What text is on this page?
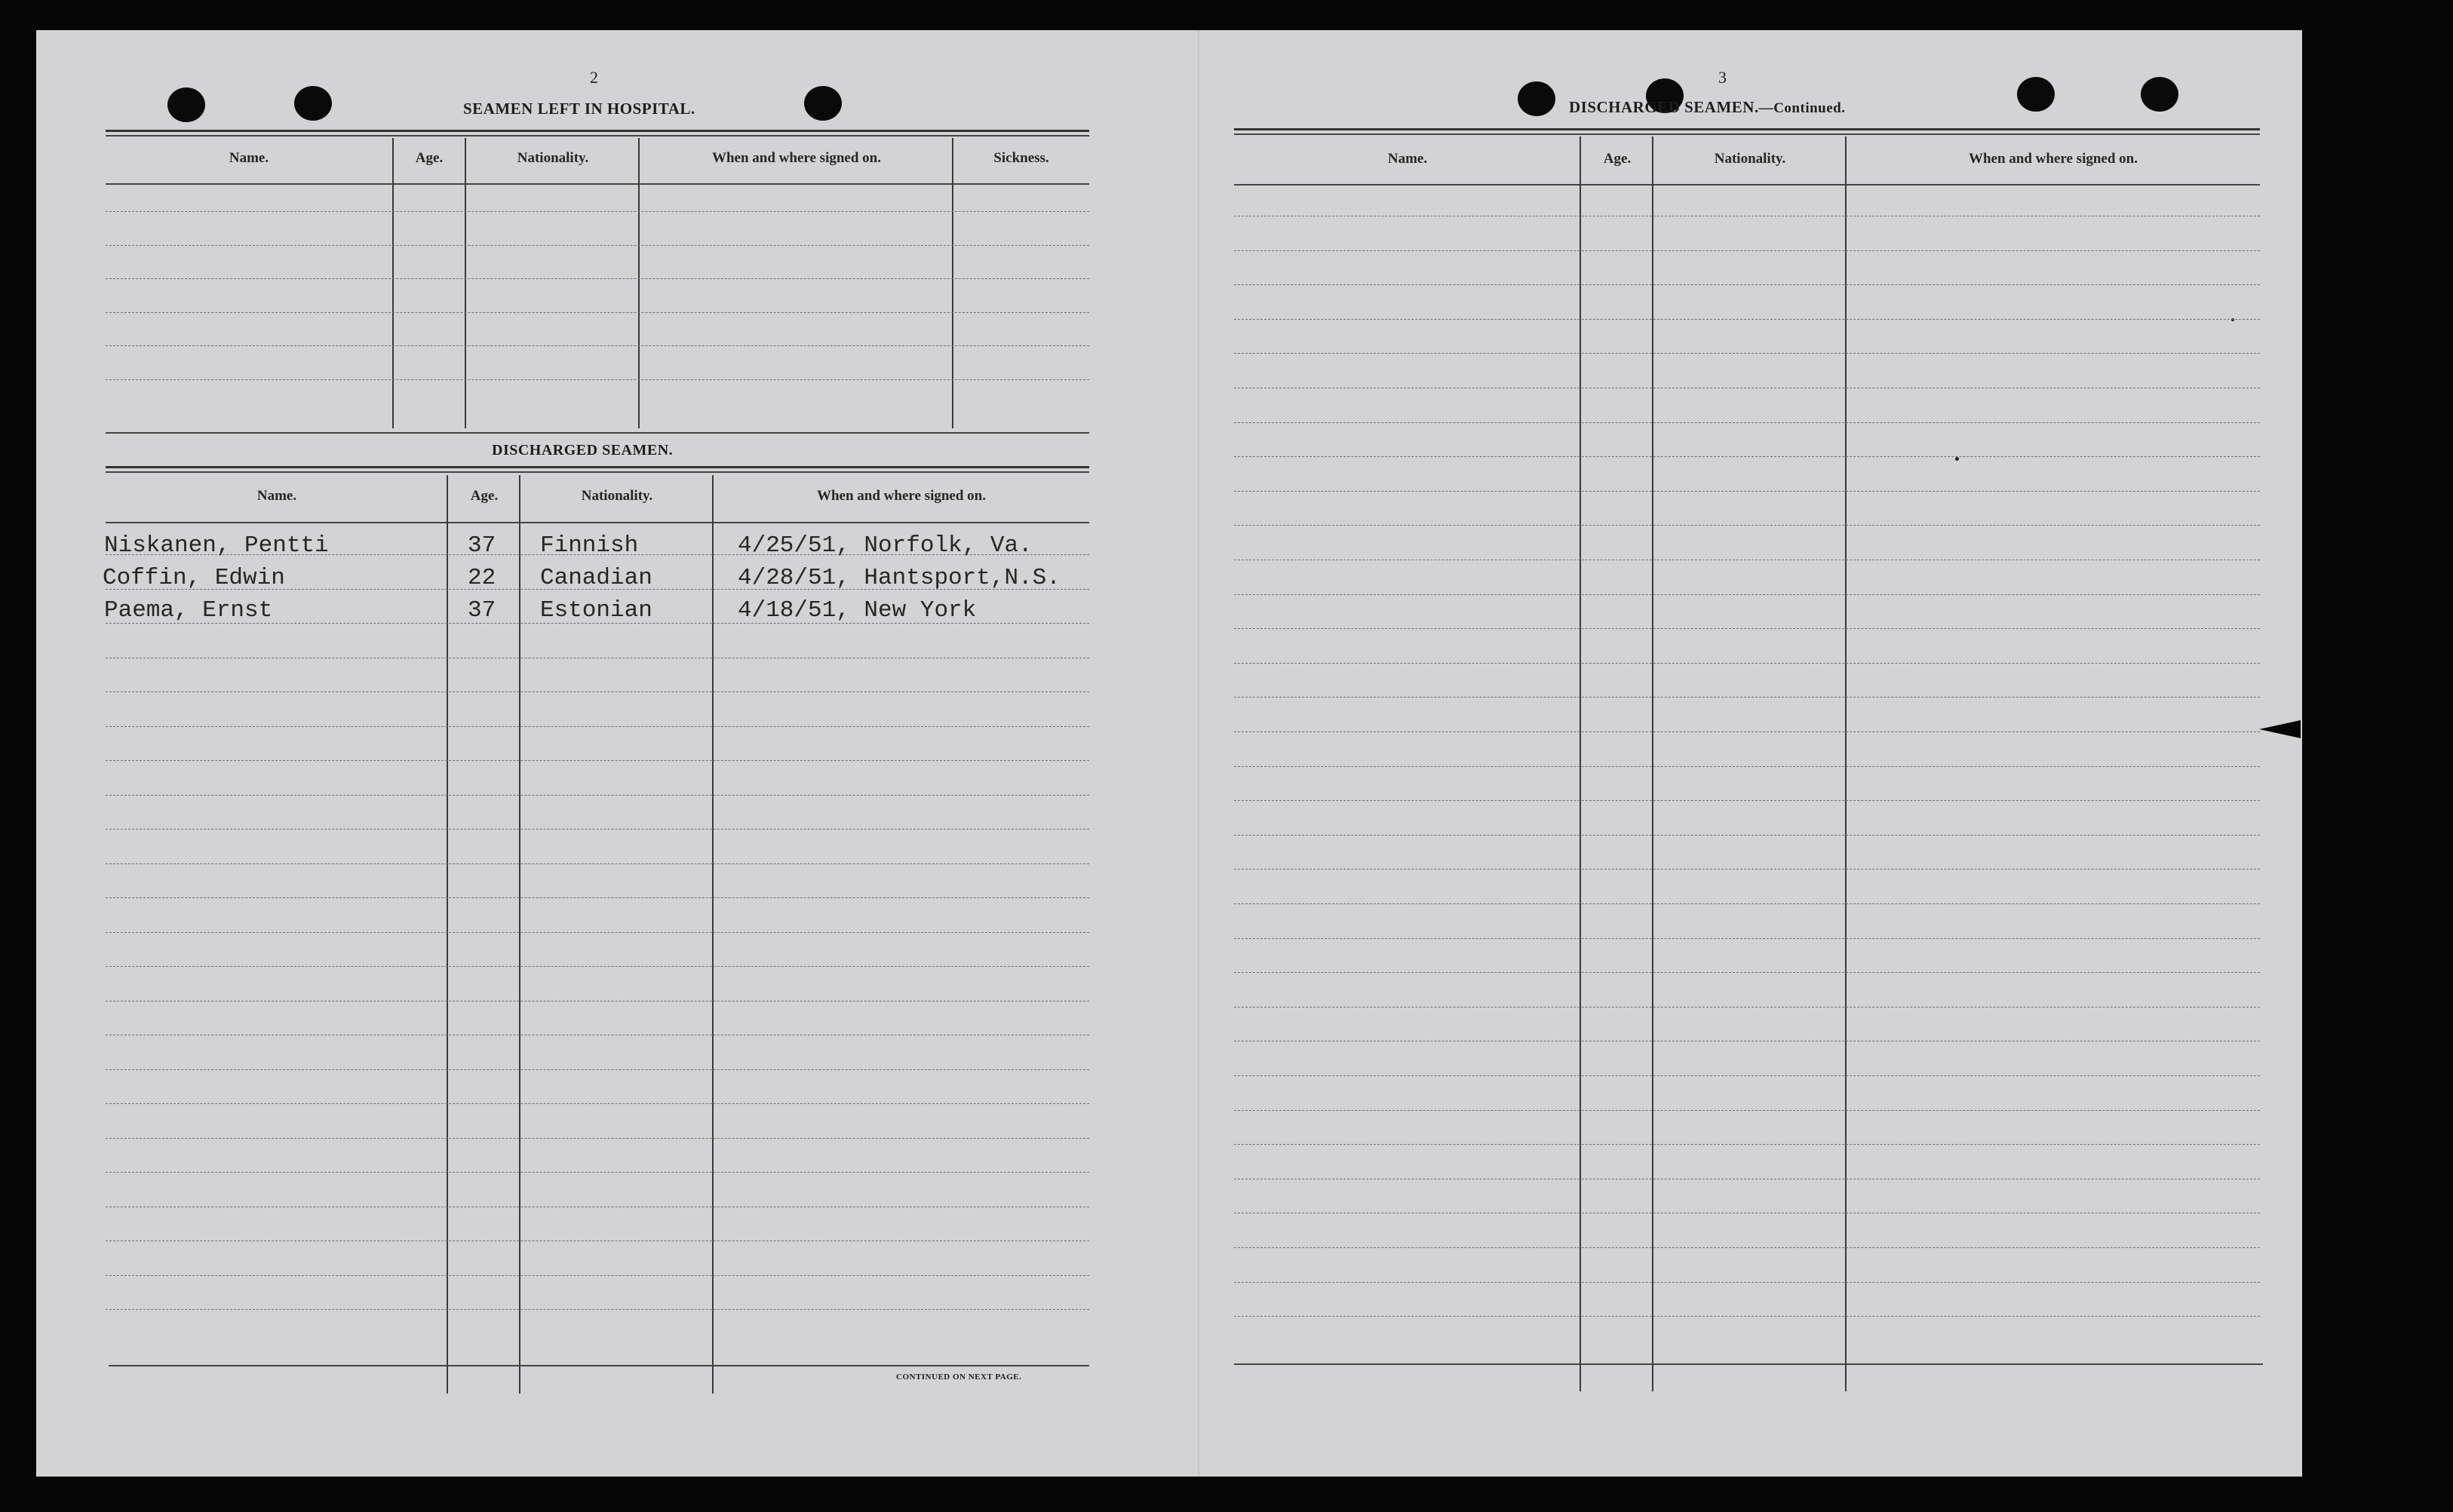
2
SEAMEN LEFT IN HOSPITAL.
Name.	Age.	Nationality.	When and where signed on.	Sickness.
DISCHARGED SEAMEN.
Name.	Age.	Nationality.	When and where signed on.
Niskanen, Pentti	37 Finnish	4/25/51, Norfolk, Va.
Coffin, Edwin	22 Canadian	4/28/51, Hantsport,N.S.
Paema, Ernst	37 Estonian	4/18/51, New York
CONTINUED ON NEXT PAGE.
3
DISCHARGED SEAMEN.—Continued.
Name.	Age.	Nationality.	When and where signed on.
